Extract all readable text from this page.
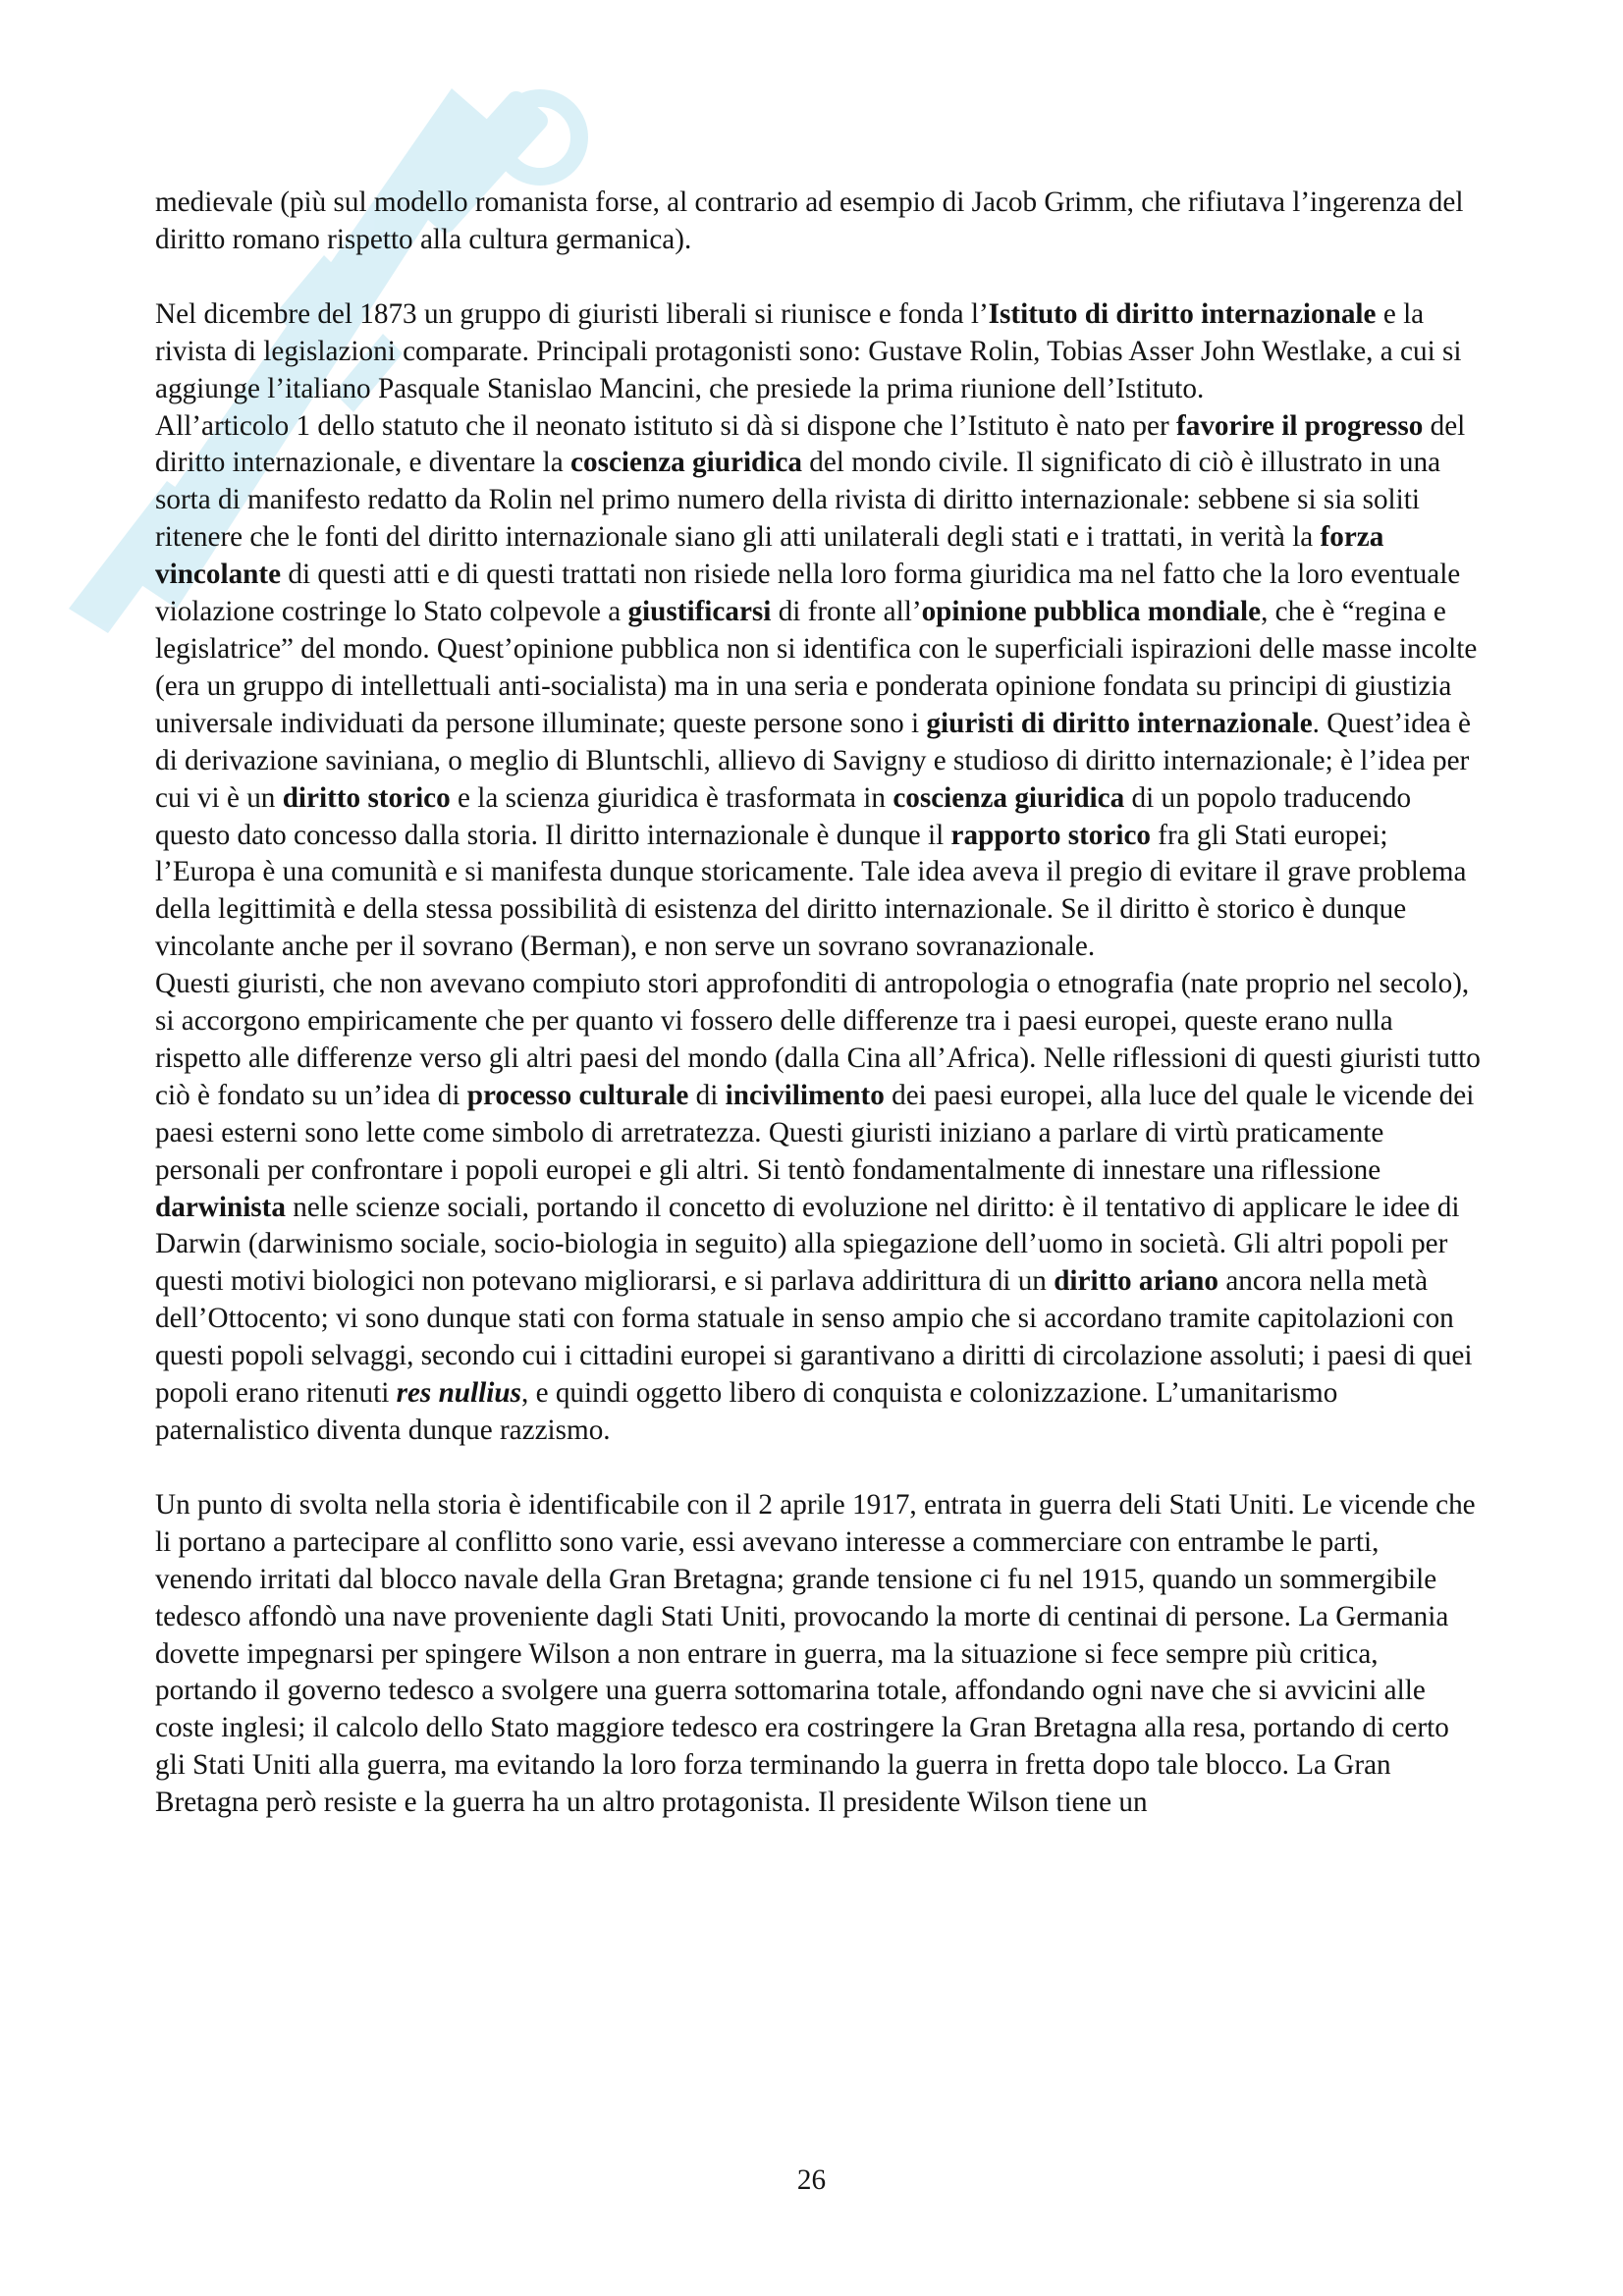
medievale (più sul modello romanista forse, al contrario ad esempio di Jacob Grimm, che rifiutava l’ingerenza del diritto romano rispetto alla cultura germanica).

Nel dicembre del 1873 un gruppo di giuristi liberali si riunisce e fonda l’Istituto di diritto internazionale e la rivista di legislazioni comparate. Principali protagonisti sono: Gustave Rolin, Tobias Asser John Westlake, a cui si aggiunge l’italiano Pasquale Stanislao Mancini, che presiede la prima riunione dell’Istituto.

All’articolo 1 dello statuto che il neonato istituto si dà si dispone che l’Istituto è nato per favorire il progresso del diritto internazionale, e diventare la coscienza giuridica del mondo civile. Il significato di ciò è illustrato in una sorta di manifesto redatto da Rolin nel primo numero della rivista di diritto internazionale: sebbene si sia soliti ritenere che le fonti del diritto internazionale siano gli atti unilaterali degli stati e i trattati, in verità la forza vincolante di questi atti e di questi trattati non risiede nella loro forma giuridica ma nel fatto che la loro eventuale violazione costringe lo Stato colpevole a giustificarsi di fronte all’opinione pubblica mondiale, che è “regina e legislatrice” del mondo. Quest’opinione pubblica non si identifica con le superficiali ispirazioni delle masse incolte (era un gruppo di intellettuali anti-socialista) ma in una seria e ponderata opinione fondata su principi di giustizia universale individuati da persone illuminate; queste persone sono i giuristi di diritto internazionale. Quest’idea è di derivazione saviniana, o meglio di Bluntschli, allievo di Savigny e studioso di diritto internazionale; è l’idea per cui vi è un diritto storico e la scienza giuridica è trasformata in coscienza giuridica di un popolo traducendo questo dato concesso dalla storia. Il diritto internazionale è dunque il rapporto storico fra gli Stati europei; l’Europa è una comunità e si manifesta dunque storicamente. Tale idea aveva il pregio di evitare il grave problema della legittimità e della stessa possibilità di esistenza del diritto internazionale. Se il diritto è storico è dunque vincolante anche per il sovrano (Berman), e non serve un sovrano sovranazionale.

Questi giuristi, che non avevano compiuto stori approfonditi di antropologia o etnografia (nate proprio nel secolo), si accorgono empiricamente che per quanto vi fossero delle differenze tra i paesi europei, queste erano nulla rispetto alle differenze verso gli altri paesi del mondo (dalla Cina all’Africa). Nelle riflessioni di questi giuristi tutto ciò è fondato su un’idea di processo culturale di incivilimento dei paesi europei, alla luce del quale le vicende dei paesi esterni sono lette come simbolo di arretratezza. Questi giuristi iniziano a parlare di virtù praticamente personali per confrontare i popoli europei e gli altri. Si tentò fondamentalmente di innestare una riflessione darwinista nelle scienze sociali, portando il concetto di evoluzione nel diritto: è il tentativo di applicare le idee di Darwin (darwinismo sociale, socio-biologia in seguito) alla spiegazione dell’uomo in società. Gli altri popoli per questi motivi biologici non potevano migliorarsi, e si parlava addirittura di un diritto ariano ancora nella metà dell’Ottocento; vi sono dunque stati con forma statuale in senso ampio che si accordano tramite capitolazioni con questi popoli selvaggi, secondo cui i cittadini europei si garantivano a diritti di circolazione assoluti; i paesi di quei popoli erano ritenuti res nullius, e quindi oggetto libero di conquista e colonizzazione. L’umanitarismo paternalistico diventa dunque razzismo.

Un punto di svolta nella storia è identificabile con il 2 aprile 1917, entrata in guerra deli Stati Uniti. Le vicende che li portano a partecipare al conflitto sono varie, essi avevano interesse a commerciare con entrambe le parti, venendo irritati dal blocco navale della Gran Bretagna; grande tensione ci fu nel 1915, quando un sommergibile tedesco affondò una nave proveniente dagli Stati Uniti, provocando la morte di centinai di persone. La Germania dovette impegnarsi per spingere Wilson a non entrare in guerra, ma la situazione si fece sempre più critica, portando il governo tedesco a svolgere una guerra sottomarina totale, affondando ogni nave che si avvicini alle coste inglesi; il calcolo dello Stato maggiore tedesco era costringere la Gran Bretagna alla resa, portando di certo gli Stati Uniti alla guerra, ma evitando la loro forza terminando la guerra in fretta dopo tale blocco. La Gran Bretagna però resiste e la guerra ha un altro protagonista. Il presidente Wilson tiene un

26
